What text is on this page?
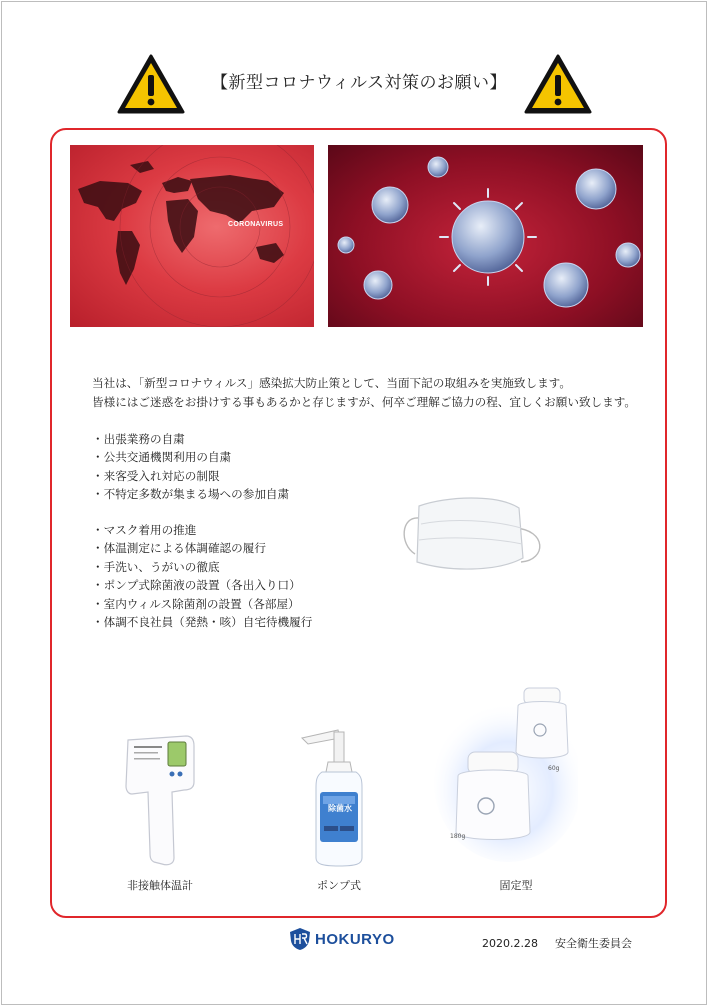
【新型コロナウィルス対策のお願い】
CORONAVIRUS
当社は、「新型コロナウィルス」感染拡大防止策として、当面下記の取組みを実施致します。
皆様にはご迷惑をお掛けする事もあるかと存じますが、何卒ご理解ご協力の程、宜しくお願い致します。
・出張業務の自粛
・公共交通機関利用の自粛
・来客受入れ対応の制限
・不特定多数が集まる場への参加自粛
・マスク着用の推進
・体温測定による体調確認の履行
・手洗い、うがいの徹底
・ポンプ式除菌液の設置（各出入り口）
・室内ウィルス除菌剤の設置（各部屋）
・体調不良社員（発熱・咳）自宅待機履行
非接触体温計
除菌水
ポンプ式
180g
60g
固定型
HOKURYO	2020.2.28 安全衛生委員会
